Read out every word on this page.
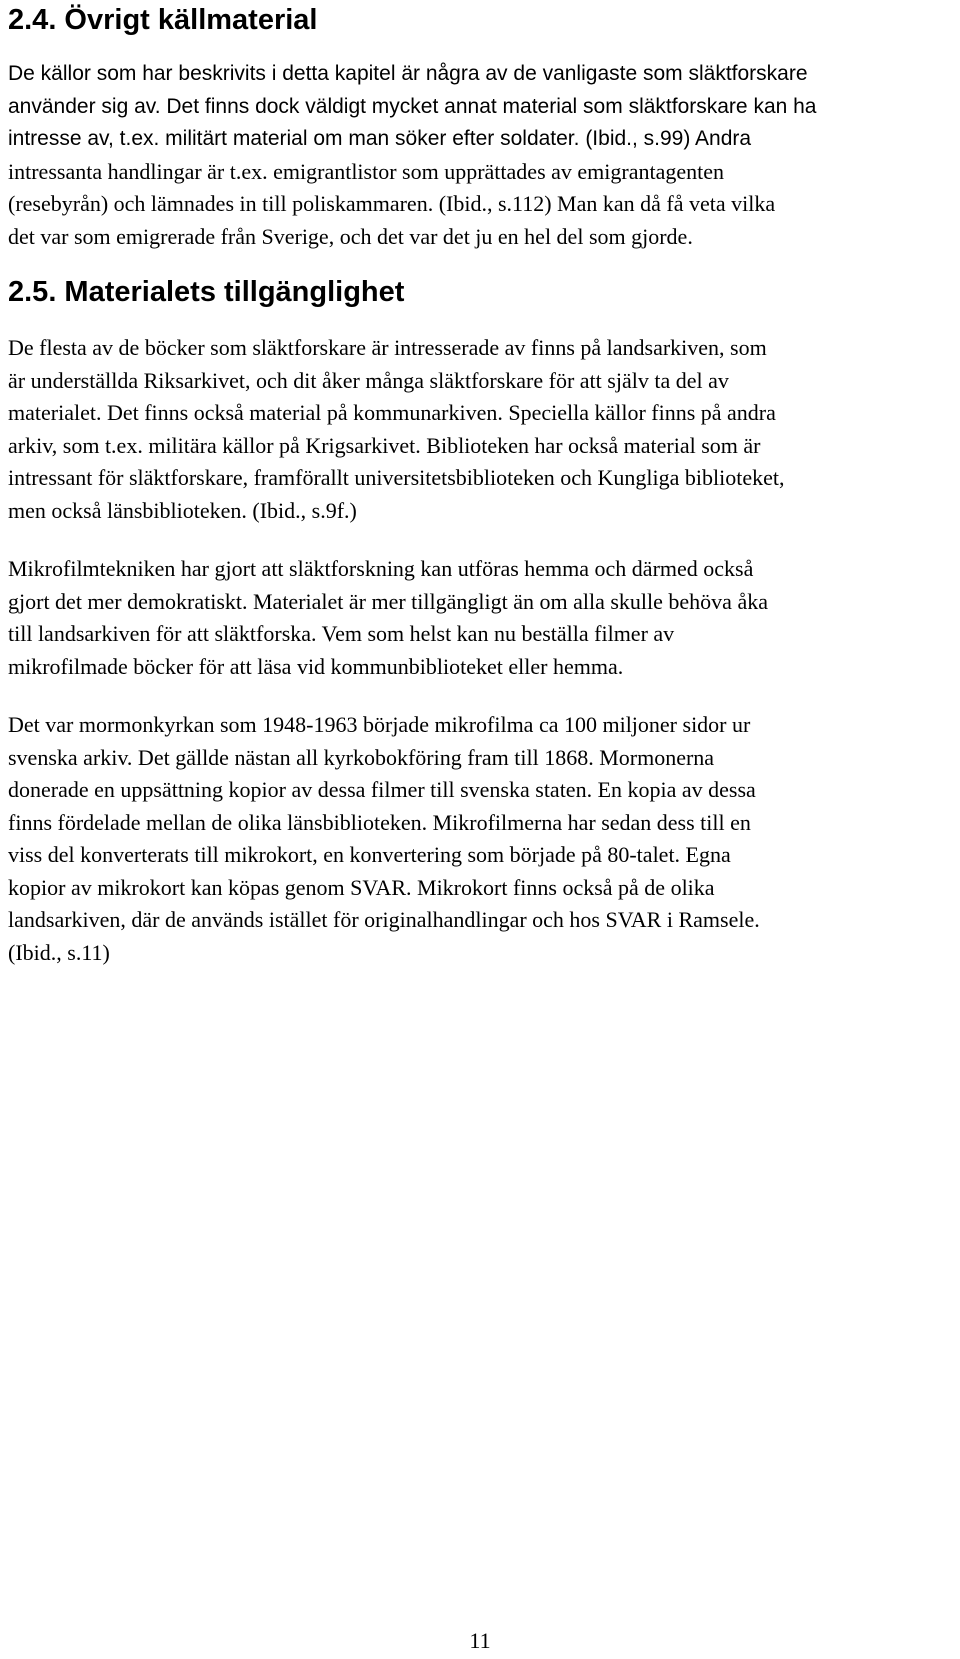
2.4. Övrigt källmaterial

De källor som har beskrivits i detta kapitel är några av de vanligaste som släktforskare

använder sig av. Det finns dock väldigt mycket annat material som släktforskare kan ha

intresse av, t.ex. militärt material om man söker efter soldater. (Ibid., s.99) Andra

intressanta handlingar är t.ex. emigrantlistor som upprättades av emigrantagenten

(resebyrån) och lämnades in till poliskammaren. (Ibid., s.112) Man kan då få veta vilka

det var som emigrerade från Sverige, och det var det ju en hel del som gjorde.

2.5. Materialets tillgänglighet

De flesta av de böcker som släktforskare är intresserade av finns på landsarkiven, som

är underställda Riksarkivet, och dit åker många släktforskare för att själv ta del av

materialet. Det finns också material på kommunarkiven. Speciella källor finns på andra

arkiv, som t.ex. militära källor på Krigsarkivet. Biblioteken har också material som är

intressant för släktforskare, framförallt universitetsbiblioteken och Kungliga biblioteket,

men också länsbiblioteken. (Ibid., s.9f.)

Mikrofilmtekniken har gjort att släktforskning kan utföras hemma och därmed också

gjort det mer demokratiskt. Materialet är mer tillgängligt än om alla skulle behöva åka

till landsarkiven för att släktforska. Vem som helst kan nu beställa filmer av

mikrofilmade böcker för att läsa vid kommunbiblioteket eller hemma.

Det var mormonkyrkan som 1948-1963 började mikrofilma ca 100 miljoner sidor ur

svenska arkiv. Det gällde nästan all kyrkobokföring fram till 1868. Mormonerna

donerade en uppsättning kopior av dessa filmer till svenska staten. En kopia av dessa

finns fördelade mellan de olika länsbiblioteken. Mikrofilmerna har sedan dess till en

viss del konverterats till mikrokort, en konvertering som började på 80-talet. Egna

kopior av mikrokort kan köpas genom SVAR. Mikrokort finns också på de olika

landsarkiven, där de används istället för originalhandlingar och hos SVAR i Ramsele.

(Ibid., s.11)

11
